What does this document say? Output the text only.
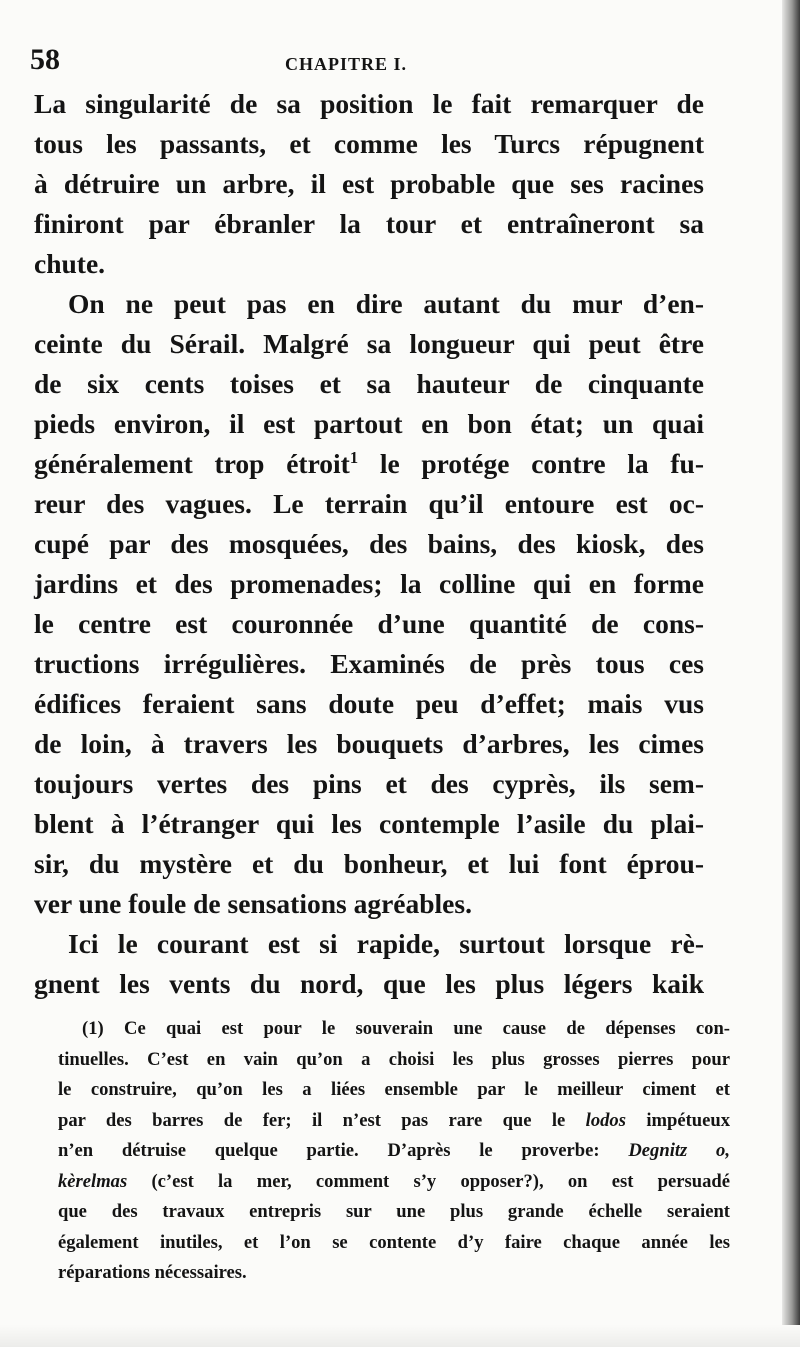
58	CHAPITRE I.
La singularité de sa position le fait remarquer de
tous les passants, et comme les Turcs répugnent
à détruire un arbre, il est probable que ses racines
finiront par ébranler la tour et entraîneront sa
chute.
On ne peut pas en dire autant du mur d’en-
ceinte du Sérail. Malgré sa longueur qui peut être
de six cents toises et sa hauteur de cinquante
pieds environ, il est partout en bon état; un quai
généralement trop étroit$^1$ le protége contre la fu-
reur des vagues. Le terrain qu’il entoure est oc-
cupé par des mosquées, des bains, des kiosk, des
jardins et des promenades; la colline qui en forme
le centre est couronnée d’une quantité de cons-
tructions irrégulières. Examinés de près tous ces
édifices feraient sans doute peu d’effet; mais vus
de loin, à travers les bouquets d’arbres, les cimes
toujours vertes des pins et des cyprès, ils sem-
blent à l’étranger qui les contemple l’asile du plai-
sir, du mystère et du bonheur, et lui font éprou-
ver une foule de sensations agréables.
Ici le courant est si rapide, surtout lorsque rè-
gnent les vents du nord, que les plus légers kaik
(1) Ce quai est pour le souverain une cause de dépenses con-
tinuelles. C’est en vain qu’on a choisi les plus grosses pierres pour
le construire, qu’on les a liées ensemble par le meilleur ciment et
par des barres de fer; il n’est pas rare que le lodos impétueux
n’en détruise quelque partie. D’après le proverbe: Degnitz o,
kèrelmas (c’est la mer, comment s’y opposer?), on est persuadé
que des travaux entrepris sur une plus grande échelle seraient
également inutiles, et l’on se contente d’y faire chaque année les
réparations nécessaires.
